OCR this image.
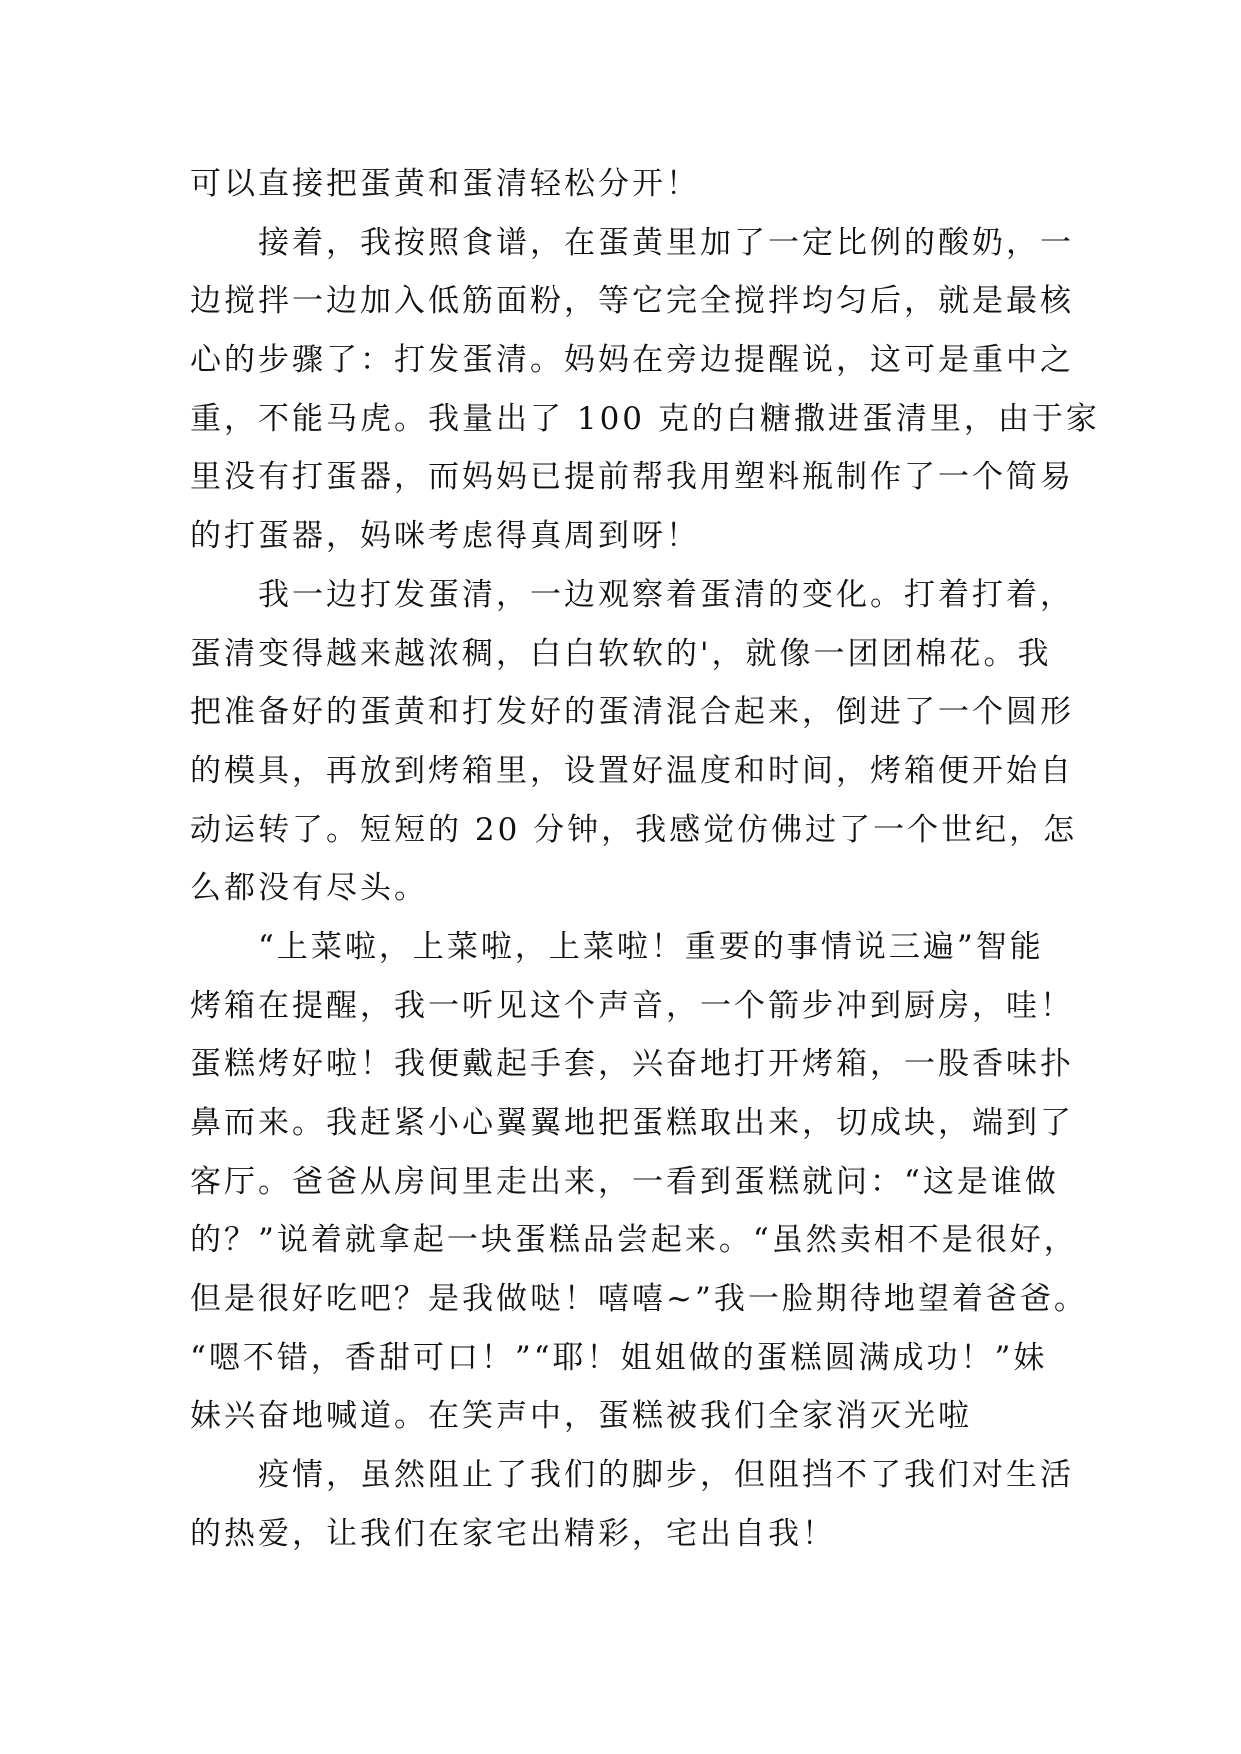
可以直接把蛋黄和蛋清轻松分开！
　　接着，我按照食谱，在蛋黄里加了一定比例的酸奶，一
边搅拌一边加入低筋面粉，等它完全搅拌均匀后，就是最核
心的步骤了：打发蛋清。妈妈在旁边提醒说，这可是重中之
重，不能马虎。我量出了 100 克的白糖撒进蛋清里，由于家
里没有打蛋器，而妈妈已提前帮我用塑料瓶制作了一个简易
的打蛋器，妈咪考虑得真周到呀！
　　我一边打发蛋清，一边观察着蛋清的变化。打着打着，
蛋清变得越来越浓稠，白白软软的'，就像一团团棉花。我
把准备好的蛋黄和打发好的蛋清混合起来，倒进了一个圆形
的模具，再放到烤箱里，设置好温度和时间，烤箱便开始自
动运转了。短短的 20 分钟，我感觉仿佛过了一个世纪，怎
么都没有尽头。
　　“上菜啦，上菜啦，上菜啦！重要的事情说三遍”智能
烤箱在提醒，我一听见这个声音，一个箭步冲到厨房，哇！
蛋糕烤好啦！我便戴起手套，兴奋地打开烤箱，一股香味扑
鼻而来。我赶紧小心翼翼地把蛋糕取出来，切成块，端到了
客厅。爸爸从房间里走出来，一看到蛋糕就问：“这是谁做
的？”说着就拿起一块蛋糕品尝起来。“虽然卖相不是很好，
但是很好吃吧？是我做哒！嘻嘻~”我一脸期待地望着爸爸。
“嗯不错，香甜可口！”“耶！姐姐做的蛋糕圆满成功！”妹
妹兴奋地喊道。在笑声中，蛋糕被我们全家消灭光啦
　　疫情，虽然阻止了我们的脚步，但阻挡不了我们对生活
的热爱，让我们在家宅出精彩，宅出自我！
